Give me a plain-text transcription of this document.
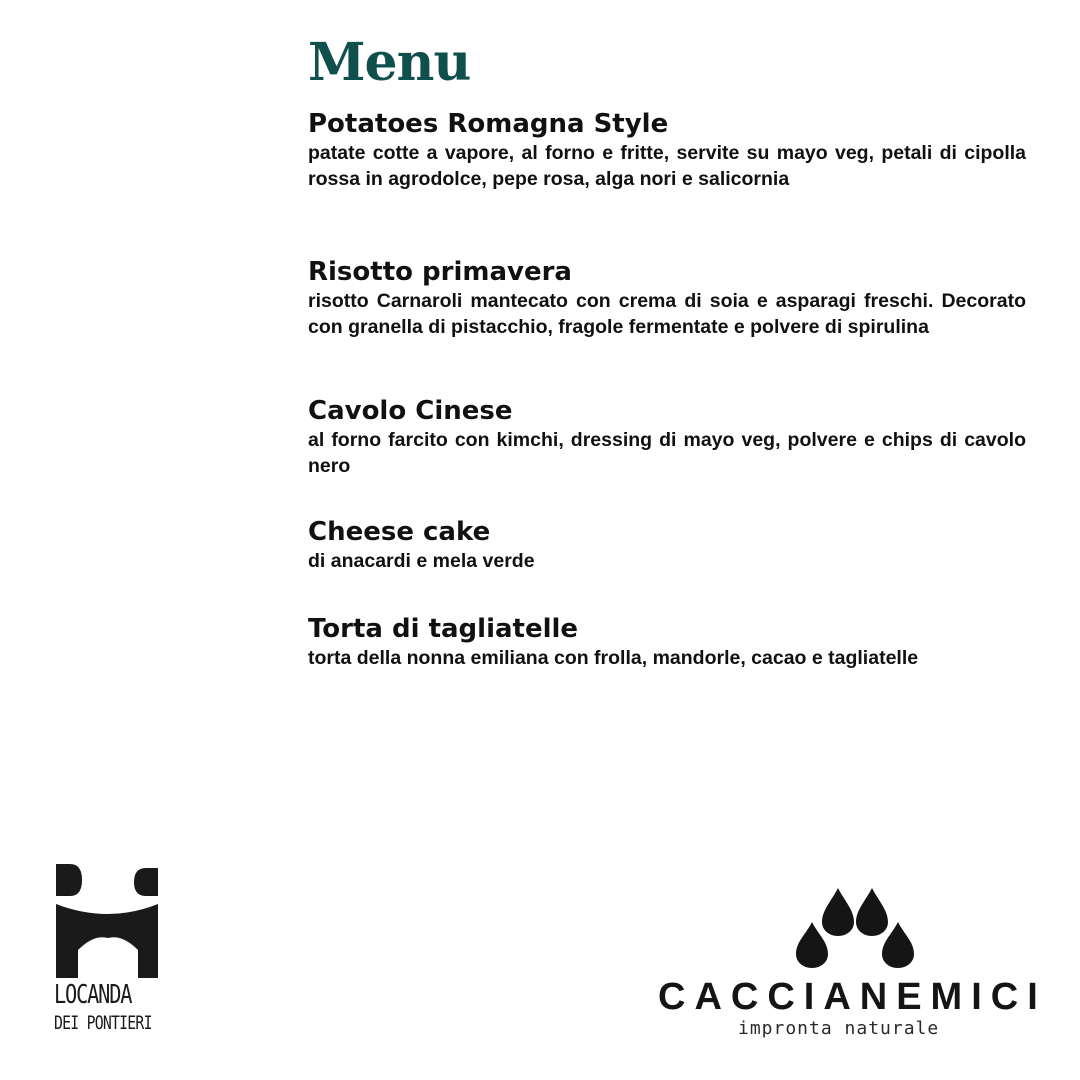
Menu
Potatoes Romagna Style

patate cotte a vapore, al forno e fritte, servite su mayo veg, petali di cipolla rossa in agrodolce, pepe rosa, alga nori e salicornia

Risotto primavera

risotto Carnaroli mantecato con crema di soia e asparagi freschi. Decorato con granella di pistacchio, fragole fermentate e polvere di spirulina

Cavolo Cinese

al forno farcito con kimchi, dressing di mayo veg, polvere e chips di cavolo nero

Cheese cake

di anacardi e mela verde

Torta di tagliatelle

torta della nonna emiliana con frolla, mandorle, cacao e tagliatelle

LOCANDA
DEI PONTIERI
CACCIANEMICI
impronta naturale
